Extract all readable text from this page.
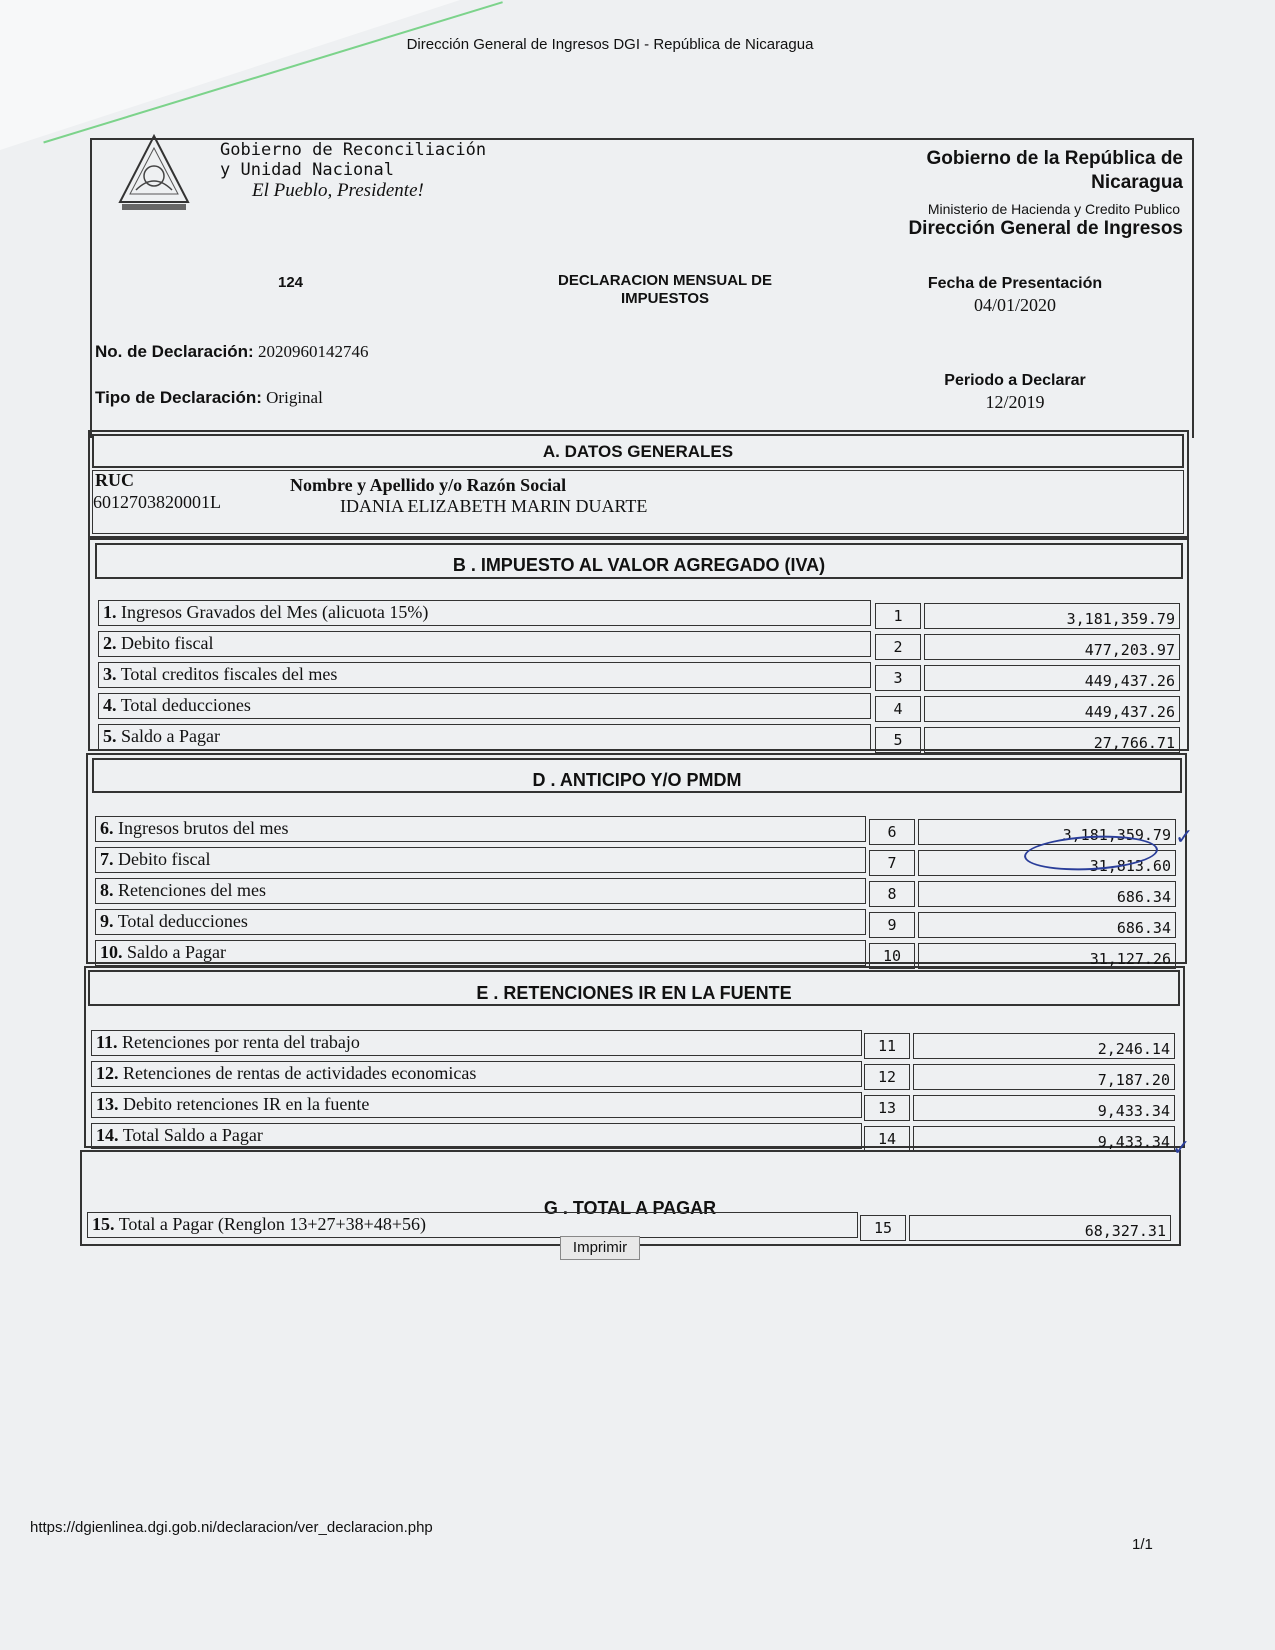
Dirección General de Ingresos DGI - República de Nicaragua
Gobierno de Reconciliación
y Unidad Nacional
El Pueblo, Presidente!
Gobierno de la República de
Nicaragua
Ministerio de Hacienda y Credito Publico
Dirección General de Ingresos
124	DECLARACION MENSUAL DE
IMPUESTOS
Fecha de Presentación
04/01/2020
No. de Declaración: 2020960142746
Tipo de Declaración: Original
Periodo a Declarar
12/2019
A. DATOS GENERALES
RUC
6012703820001L
Nombre y Apellido y/o Razón Social
IDANIA ELIZABETH MARIN DUARTE
B . IMPUESTO AL VALOR AGREGADO (IVA)
1. Ingresos Gravados del Mes (alicuota 15%)	1	3,181,359.79
2. Debito fiscal	2	477,203.97
3. Total creditos fiscales del mes	3	449,437.26
4. Total deducciones	4	449,437.26
5. Saldo a Pagar	5	27,766.71
D . ANTICIPO Y/O PMDM
6. Ingresos brutos del mes	6	3,181,359.79
7. Debito fiscal	7	31,813.60
8. Retenciones del mes	8	686.34
9. Total deducciones	9	686.34
10. Saldo a Pagar	10	31,127.26
E . RETENCIONES IR EN LA FUENTE
11. Retenciones por renta del trabajo	11	2,246.14
12. Retenciones de rentas de actividades economicas	12	7,187.20
13. Debito retenciones IR en la fuente	13	9,433.34
14. Total Saldo a Pagar	14	9,433.34
G . TOTAL A PAGAR
15. Total a Pagar (Renglon 13+27+38+48+56)	15	68,327.31
Imprimir
✓
✓
https://dgienlinea.dgi.gob.ni/declaracion/ver_declaracion.php
1/1
